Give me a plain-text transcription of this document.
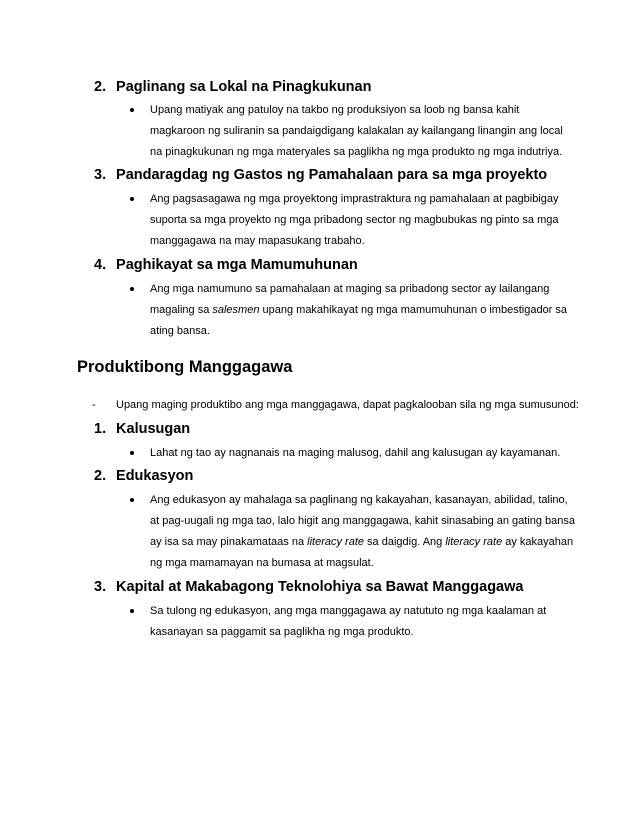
2. Paglinang sa Lokal na Pinagkukunan
Upang matiyak ang patuloy na takbo ng produksiyon sa loob ng bansa kahit magkaroon ng suliranin sa pandaigdigang kalakalan ay kailangang linangin ang local na pinagkukunan ng mga materyales sa paglikha ng mga produkto ng mga indutriya.
3. Pandaragdag ng Gastos ng Pamahalaan para sa mga proyekto
Ang pagsasagawa ng mga proyektong imprastraktura ng pamahalaan at pagbibigay suporta sa mga proyekto ng mga pribadong sector ng magbubukas ng pinto sa mga manggagawa na may mapasukang trabaho.
4. Paghikayat sa mga Mamumuhunan
Ang mga namumuno sa pamahalaan at maging sa pribadong sector ay lailangang magaling sa salesmen upang makahikayat ng mga mamumuhunan o imbestigador sa ating bansa.
Produktibong Manggagawa
- Upang maging produktibo ang mga manggagawa, dapat pagkalooban sila ng mga sumusunod:
1. Kalusugan
Lahat ng tao ay nagnanais na maging malusog, dahil ang kalusugan ay kayamanan.
2. Edukasyon
Ang edukasyon ay mahalaga sa paglinang ng kakayahan, kasanayan, abilidad, talino, at pag-uugali ng mga tao, lalo higit ang manggagawa, kahit sinasabing an gating bansa ay isa sa may pinakamataas na literacy rate sa daigdig. Ang literacy rate ay kakayahan ng mga mamamayan na bumasa at magsulat.
3. Kapital at Makabagong Teknolohiya sa Bawat Manggagawa
Sa tulong ng edukasyon, ang mga manggagawa ay natututo ng mga kaalaman at kasanayan sa paggamit sa paglikha ng mga produkto.
